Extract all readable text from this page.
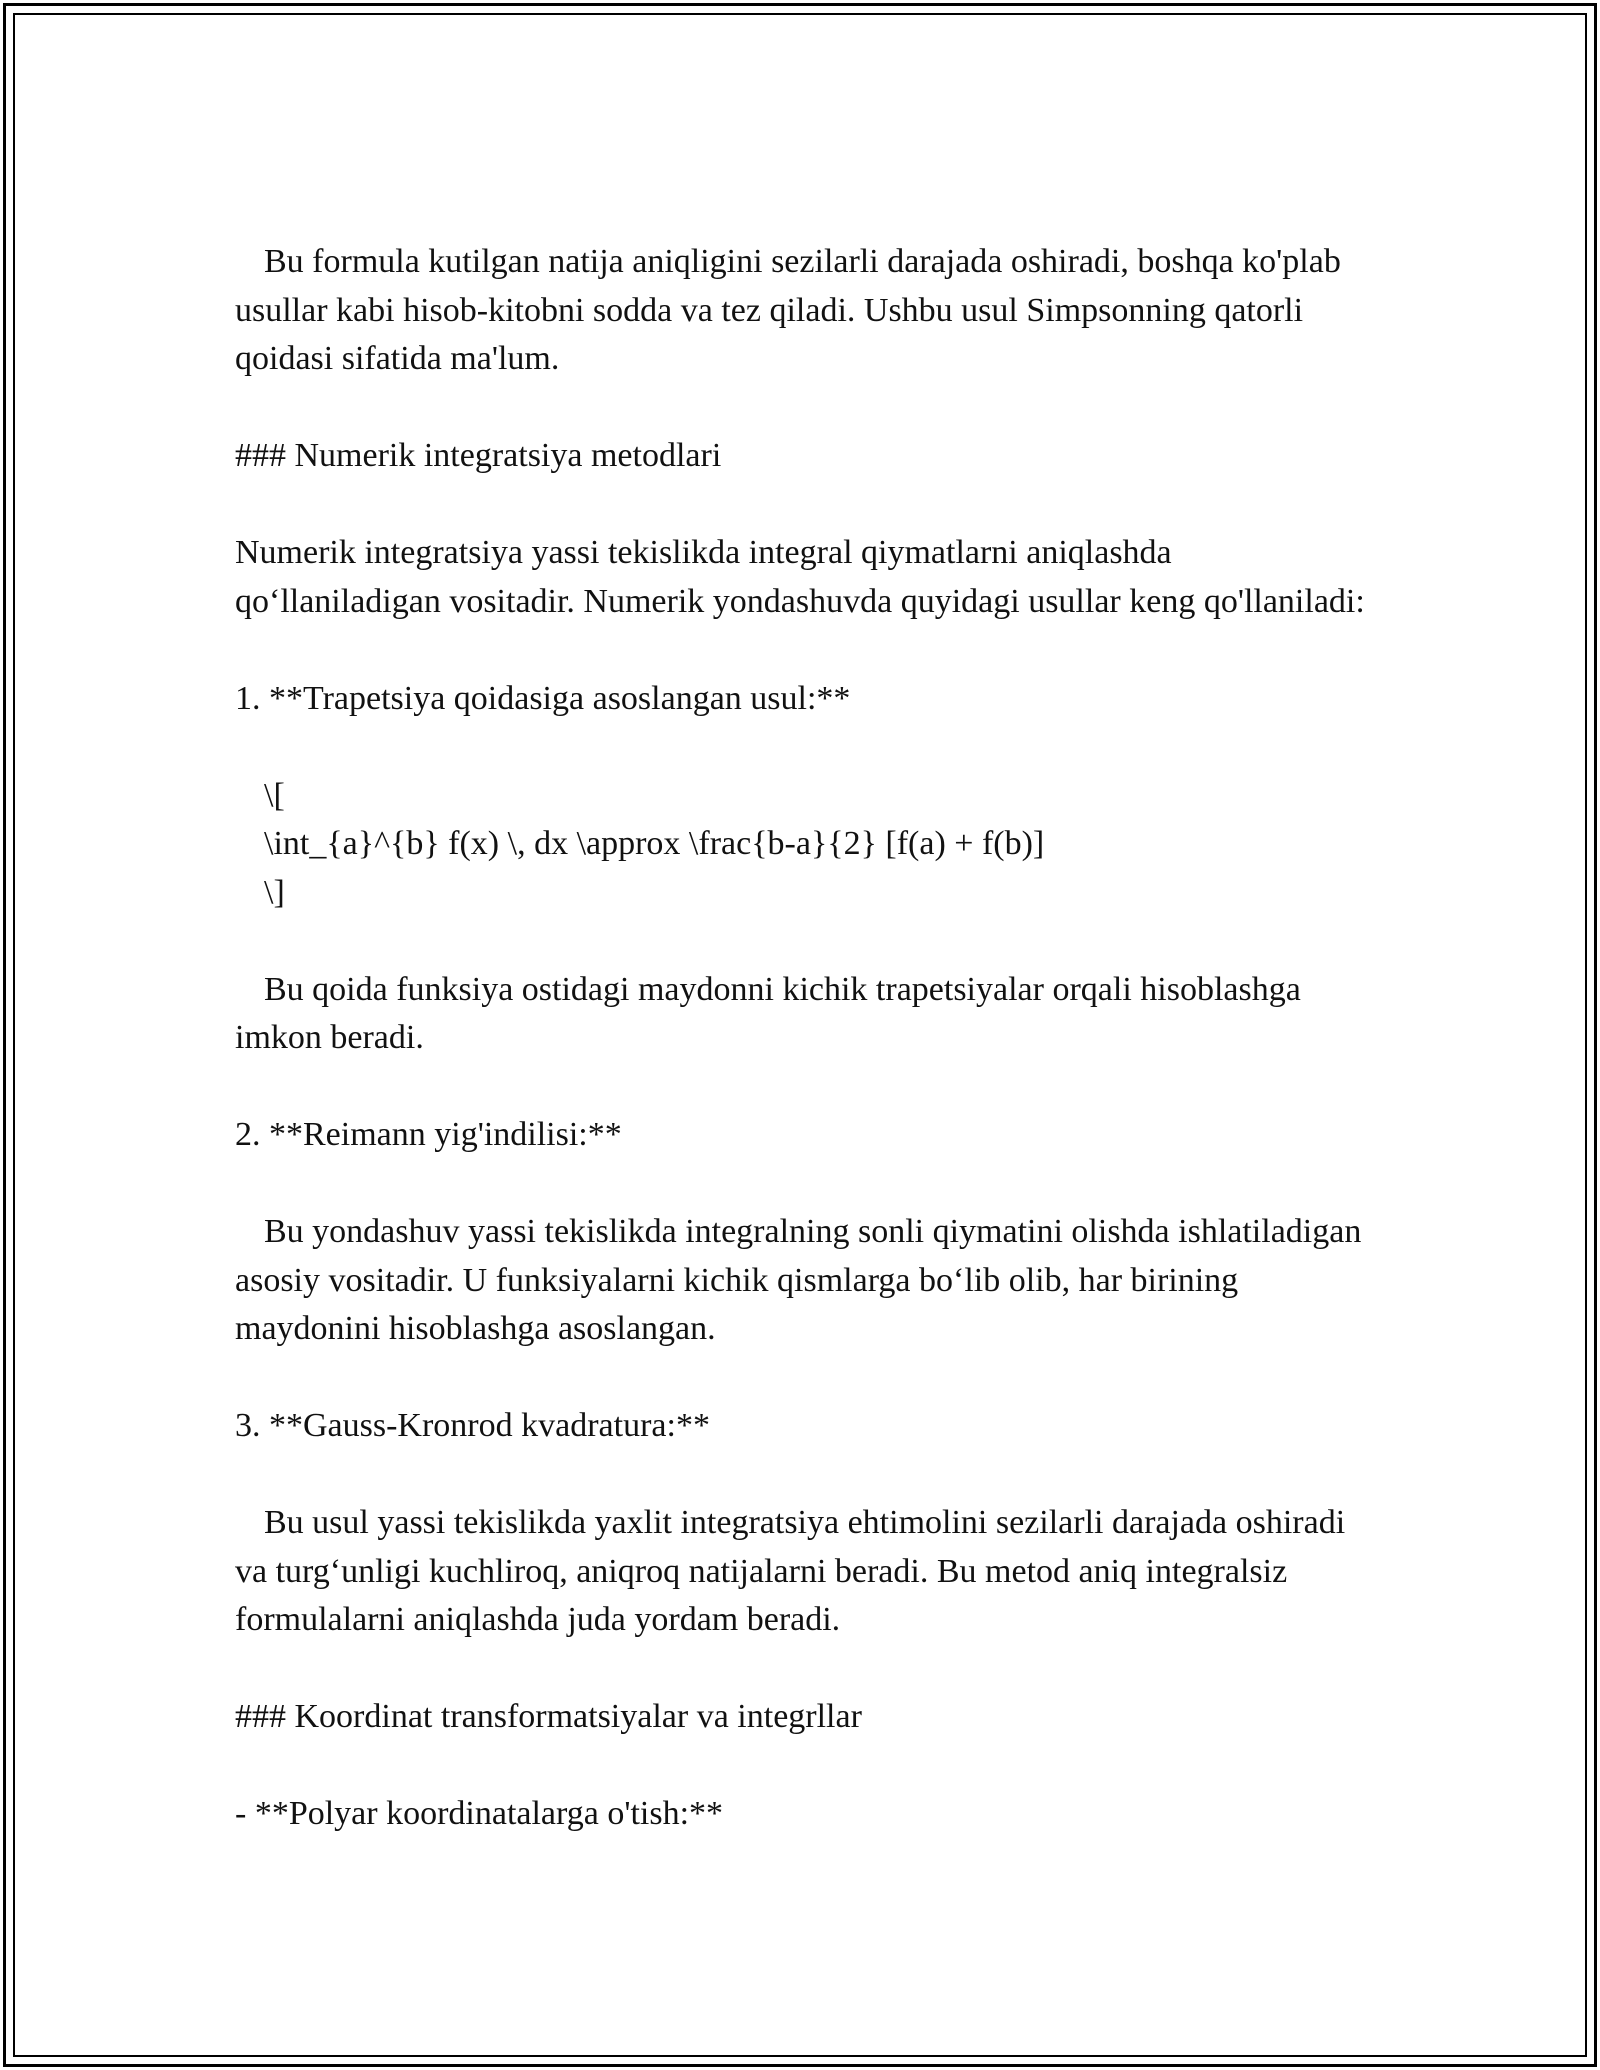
Bu formula kutilgan natija aniqligini sezilarli darajada oshiradi, boshqa ko'plab usullar kabi hisob-kitobni sodda va tez qiladi. Ushbu usul Simpsonning qatorli qoidasi sifatida ma'lum.

### Numerik integratsiya metodlari

Numerik integratsiya yassi tekislikda integral qiymatlarni aniqlashda qo‘llaniladigan vositadir. Numerik yondashuvda quyidagi usullar keng qo'llaniladi:

1. **Trapetsiya qoidasiga asoslangan usul:**

\[

\int_{a}^{b} f(x) \, dx \approx \frac{b-a}{2} [f(a) + f(b)]

\]

Bu qoida funksiya ostidagi maydonni kichik trapetsiyalar orqali hisoblashga imkon beradi.

2. **Reimann yig'indilisi:**

Bu yondashuv yassi tekislikda integralning sonli qiymatini olishda ishlatiladigan asosiy vositadir. U funksiyalarni kichik qismlarga bo‘lib olib, har birining maydonini hisoblashga asoslangan.

3. **Gauss-Kronrod kvadratura:**

Bu usul yassi tekislikda yaxlit integratsiya ehtimolini sezilarli darajada oshiradi va turg‘unligi kuchliroq, aniqroq natijalarni beradi. Bu metod aniq integralsiz formulalarni aniqlashda juda yordam beradi.

### Koordinat transformatsiyalar va integrllar

- **Polyar koordinatalarga o'tish:**
